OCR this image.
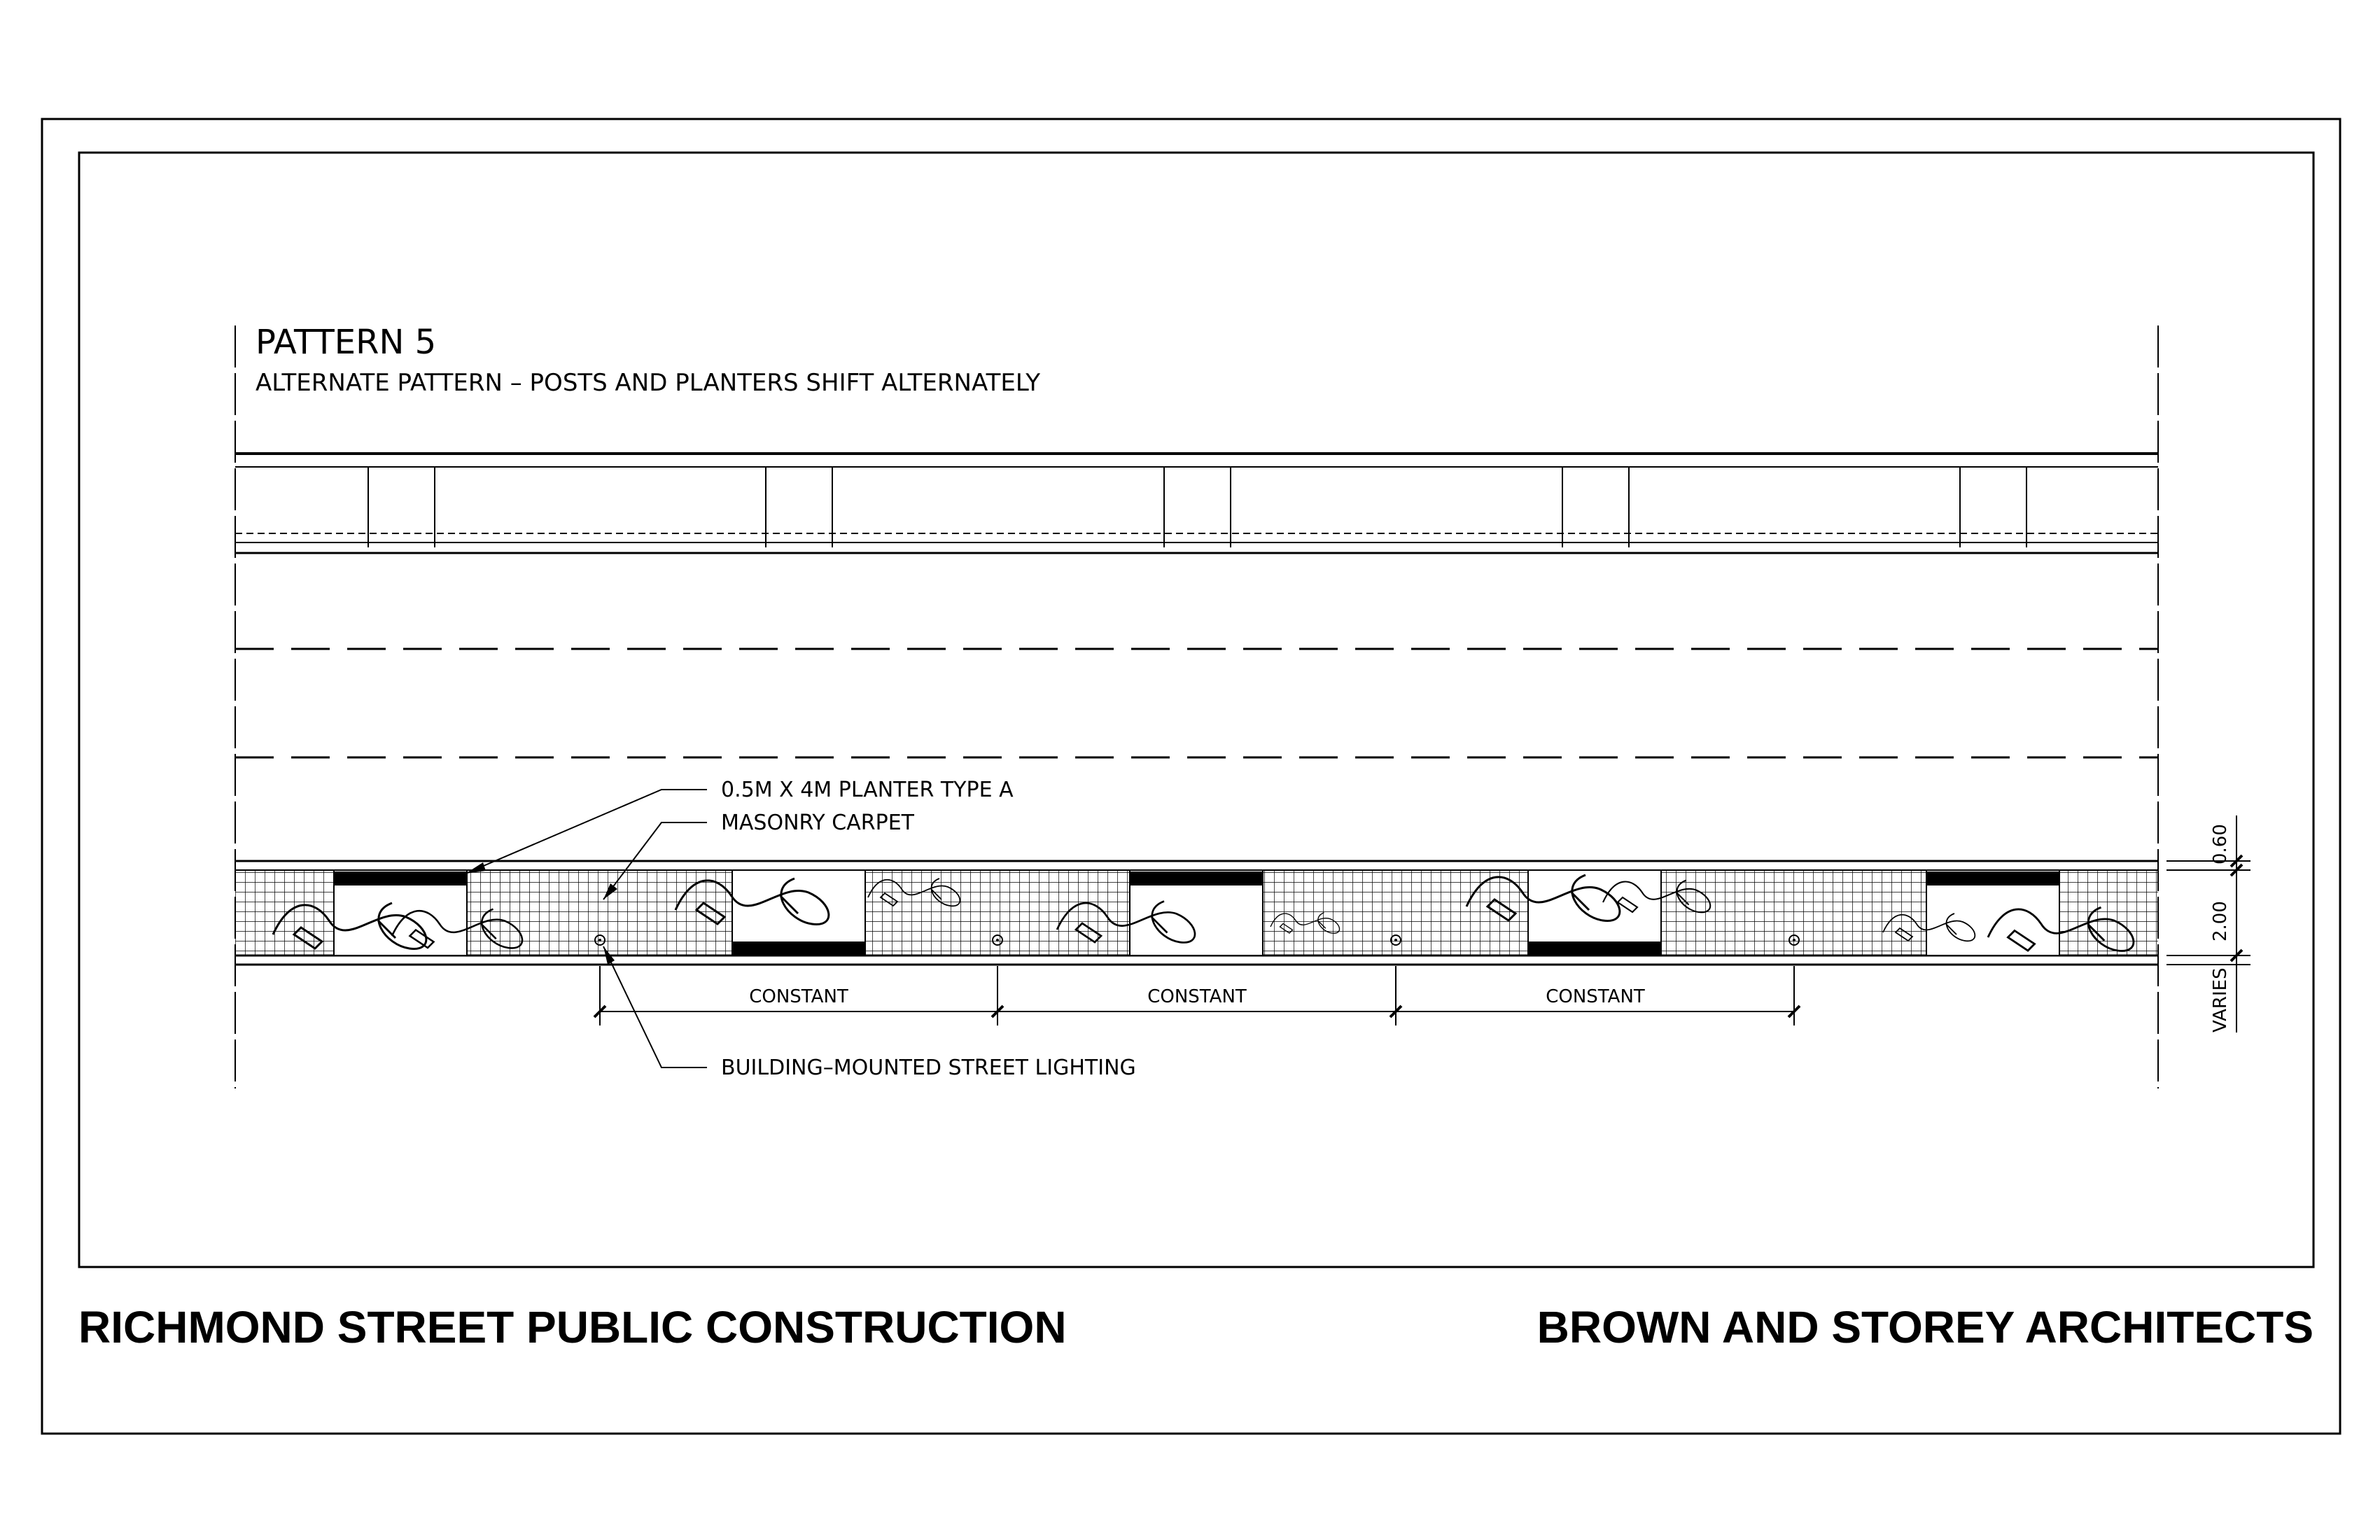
PATTERN 5
ALTERNATE PATTERN – POSTS AND PLANTERS SHIFT ALTERNATELY
0.5M X 4M PLANTER TYPE A
MASONRY CARPET
BUILDING–MOUNTED STREET LIGHTING
CONSTANT	CONSTANT	CONSTANT
0.60
2.00
VARIES
RICHMOND STREET PUBLIC CONSTRUCTION	BROWN AND STOREY ARCHITECTS
